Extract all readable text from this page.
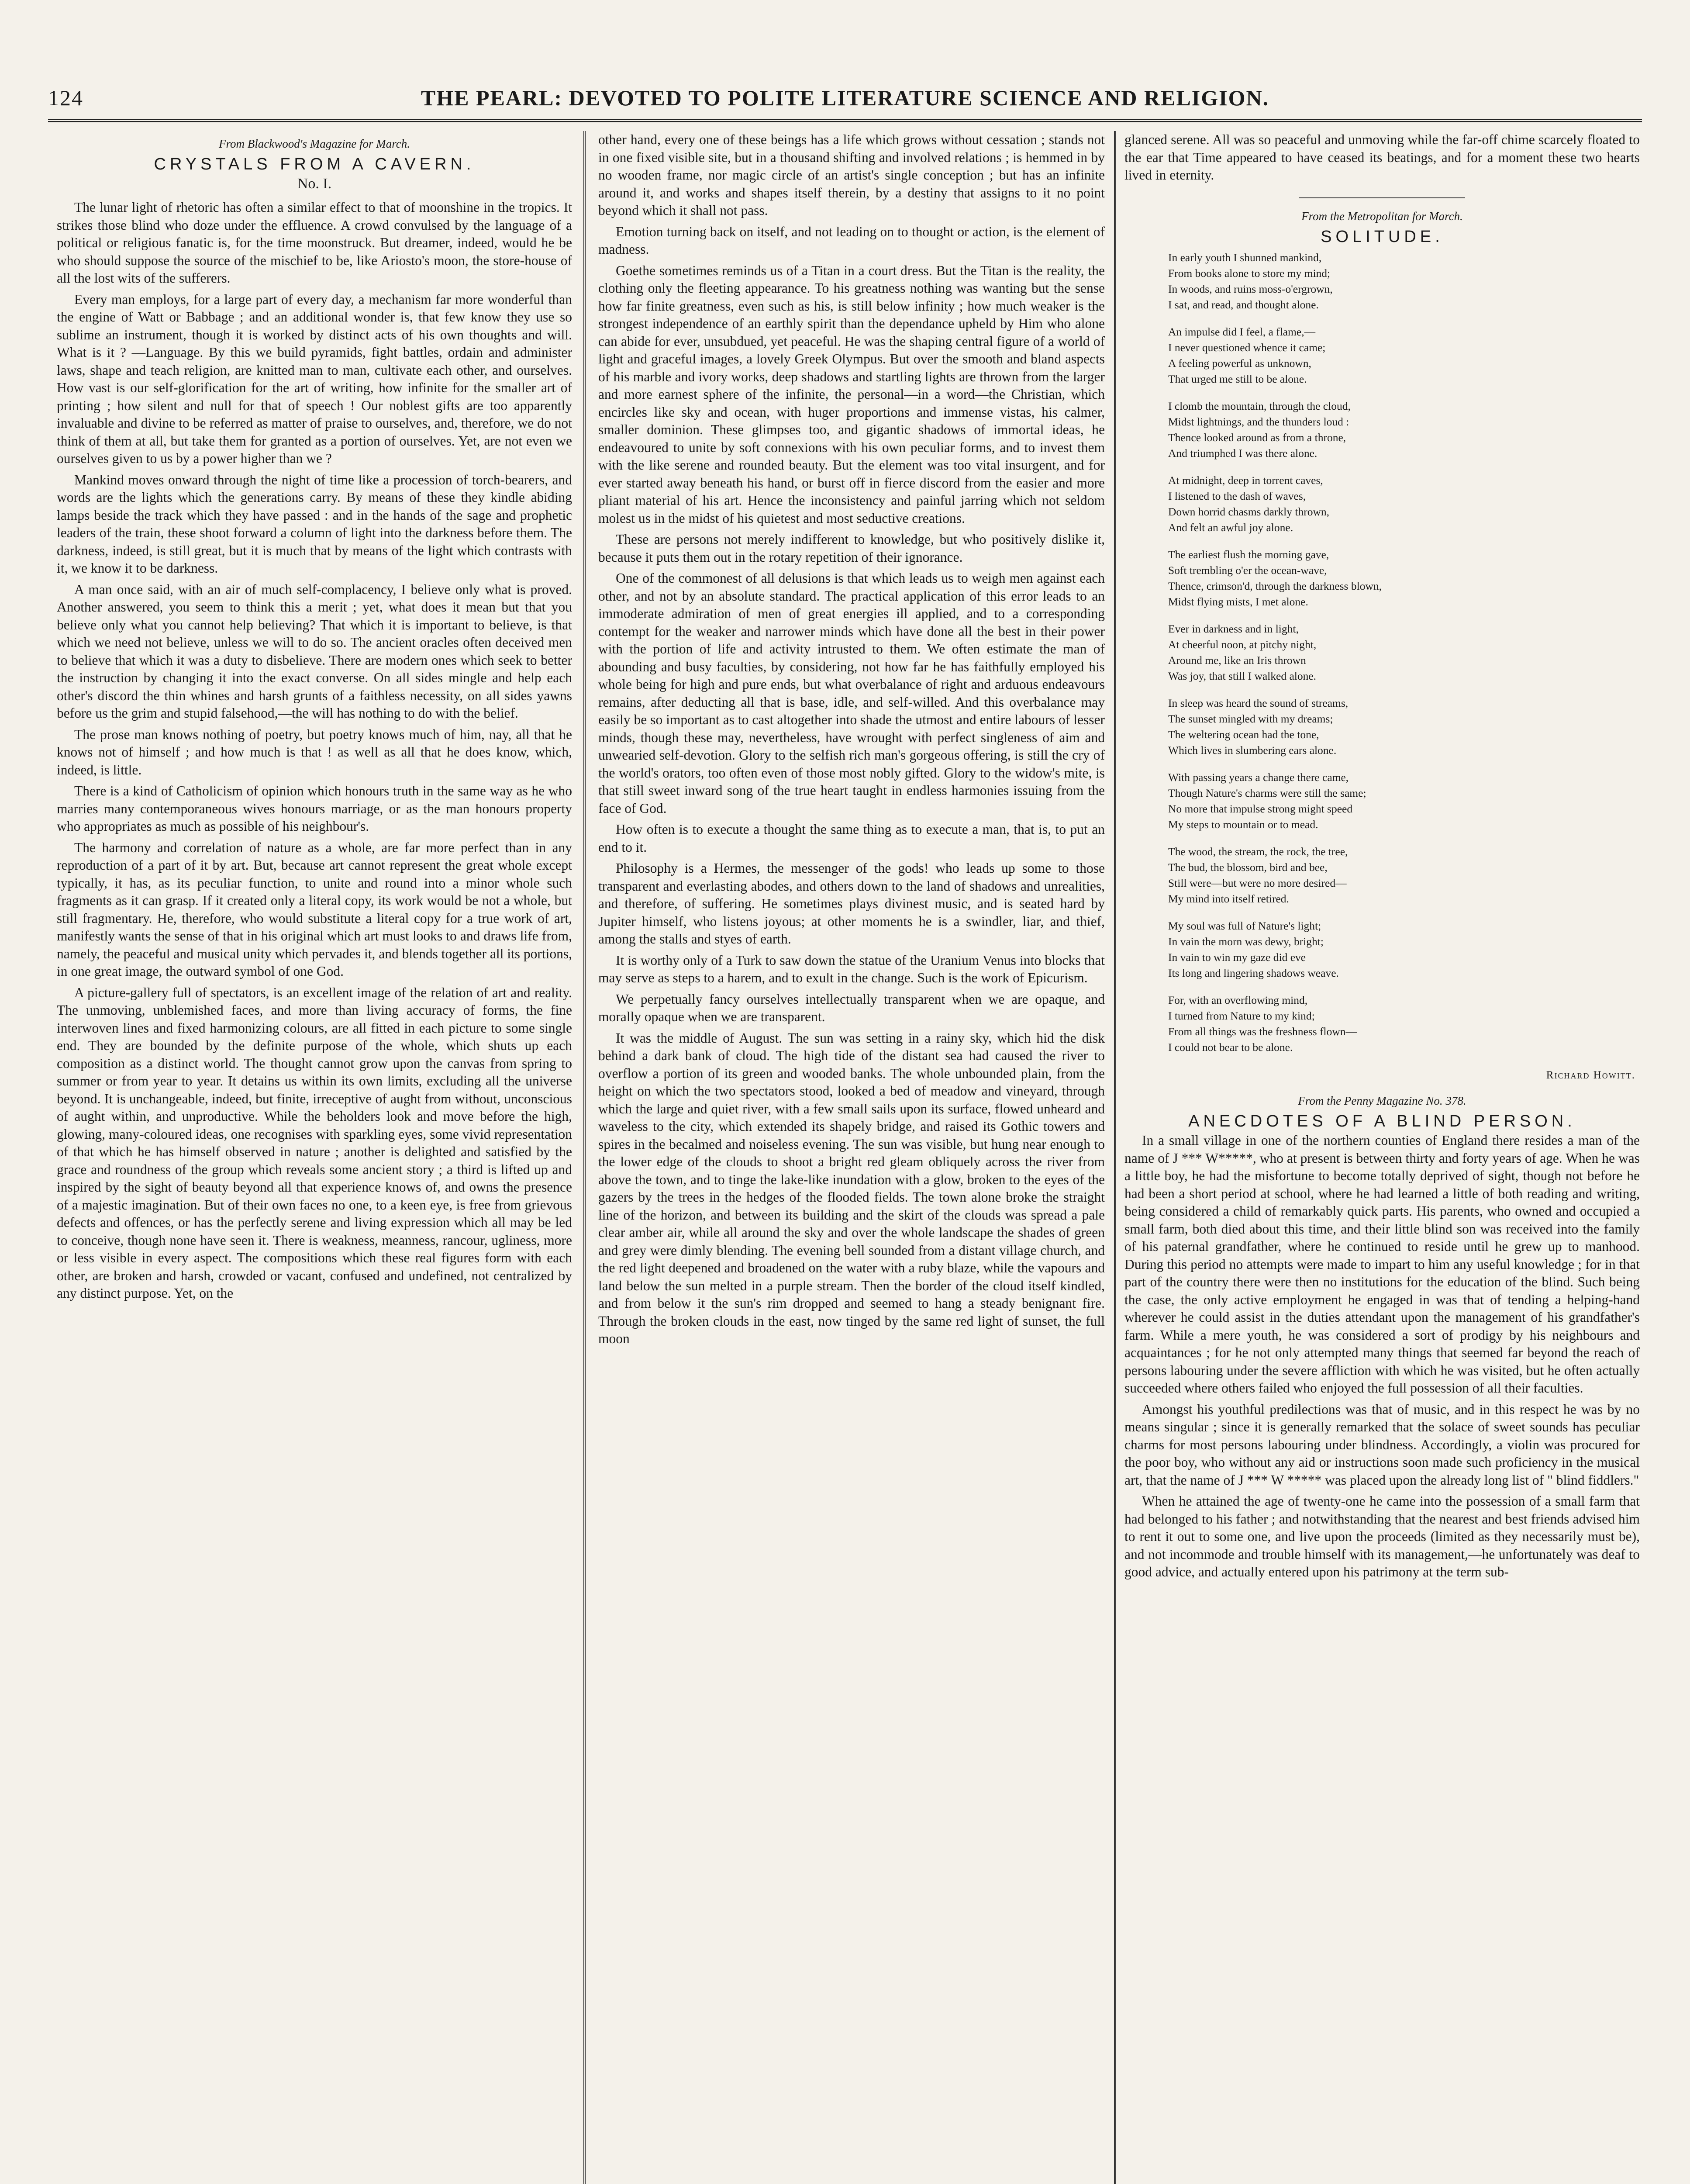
124	THE PEARL: DEVOTED TO POLITE LITERATURE SCIENCE AND RELIGION.

From Blackwood's Magazine for March.

CRYSTALS FROM A CAVERN.

No. I.

The lunar light of rhetoric has often a similar effect to that of moonshine in the tropics. It strikes those blind who doze under the effluence. A crowd convulsed by the language of a political or religious fanatic is, for the time moonstruck. But dreamer, indeed, would he be who should suppose the source of the mischief to be, like Ariosto's moon, the store-house of all the lost wits of the sufferers.

Every man employs, for a large part of every day, a mechanism far more wonderful than the engine of Watt or Babbage ; and an additional wonder is, that few know they use so sublime an instrument, though it is worked by distinct acts of his own thoughts and will. What is it ? —Language. By this we build pyramids, fight battles, ordain and administer laws, shape and teach religion, are knitted man to man, cultivate each other, and ourselves. How vast is our self-glorification for the art of writing, how infinite for the smaller art of printing ; how silent and null for that of speech ! Our noblest gifts are too apparently invaluable and divine to be referred as matter of praise to ourselves, and, therefore, we do not think of them at all, but take them for granted as a portion of ourselves. Yet, are not even we ourselves given to us by a power higher than we ?

Mankind moves onward through the night of time like a procession of torch-bearers, and words are the lights which the generations carry. By means of these they kindle abiding lamps beside the track which they have passed : and in the hands of the sage and prophetic leaders of the train, these shoot forward a column of light into the darkness before them. The darkness, indeed, is still great, but it is much that by means of the light which contrasts with it, we know it to be darkness.

A man once said, with an air of much self-complacency, I believe only what is proved. Another answered, you seem to think this a merit ; yet, what does it mean but that you believe only what you cannot help believing? That which it is important to believe, is that which we need not believe, unless we will to do so. The ancient oracles often deceived men to believe that which it was a duty to disbelieve. There are modern ones which seek to better the instruction by changing it into the exact converse. On all sides mingle and help each other's discord the thin whines and harsh grunts of a faithless necessity, on all sides yawns before us the grim and stupid falsehood,—the will has nothing to do with the belief.

The prose man knows nothing of poetry, but poetry knows much of him, nay, all that he knows not of himself ; and how much is that ! as well as all that he does know, which, indeed, is little.

There is a kind of Catholicism of opinion which honours truth in the same way as he who marries many contemporaneous wives honours marriage, or as the man honours property who appropriates as much as possible of his neighbour's.

The harmony and correlation of nature as a whole, are far more perfect than in any reproduction of a part of it by art. But, because art cannot represent the great whole except typically, it has, as its peculiar function, to unite and round into a minor whole such fragments as it can grasp. If it created only a literal copy, its work would be not a whole, but still fragmentary. He, therefore, who would substitute a literal copy for a true work of art, manifestly wants the sense of that in his original which art must looks to and draws life from, namely, the peaceful and musical unity which pervades it, and blends together all its portions, in one great image, the outward symbol of one God.

A picture-gallery full of spectators, is an excellent image of the relation of art and reality. The unmoving, unblemished faces, and more than living accuracy of forms, the fine interwoven lines and fixed harmonizing colours, are all fitted in each picture to some single end. They are bounded by the definite purpose of the whole, which shuts up each composition as a distinct world. The thought cannot grow upon the canvas from spring to summer or from year to year. It detains us within its own limits, excluding all the universe beyond. It is unchangeable, indeed, but finite, irreceptive of aught from without, unconscious of aught within, and unproductive. While the beholders look and move before the high, glowing, many-coloured ideas, one recognises with sparkling eyes, some vivid representation of that which he has himself observed in nature ; another is delighted and satisfied by the grace and roundness of the group which reveals some ancient story ; a third is lifted up and inspired by the sight of beauty beyond all that experience knows of, and owns the presence of a majestic imagination. But of their own faces no one, to a keen eye, is free from grievous defects and offences, or has the perfectly serene and living expression which all may be led to conceive, though none have seen it. There is weakness, meanness, rancour, ugliness, more or less visible in every aspect. The compositions which these real figures form with each other, are broken and harsh, crowded or vacant, confused and undefined, not centralized by any distinct purpose. Yet, on the

other hand, every one of these beings has a life which grows without cessation ; stands not in one fixed visible site, but in a thousand shifting and involved relations ; is hemmed in by no wooden frame, nor magic circle of an artist's single conception ; but has an infinite around it, and works and shapes itself therein, by a destiny that assigns to it no point beyond which it shall not pass.

Emotion turning back on itself, and not leading on to thought or action, is the element of madness.

Goethe sometimes reminds us of a Titan in a court dress. But the Titan is the reality, the clothing only the fleeting appearance. To his greatness nothing was wanting but the sense how far finite greatness, even such as his, is still below infinity ; how much weaker is the strongest independence of an earthly spirit than the dependance upheld by Him who alone can abide for ever, unsubdued, yet peaceful. He was the shaping central figure of a world of light and graceful images, a lovely Greek Olympus. But over the smooth and bland aspects of his marble and ivory works, deep shadows and startling lights are thrown from the larger and more earnest sphere of the infinite, the personal—in a word—the Christian, which encircles like sky and ocean, with huger proportions and immense vistas, his calmer, smaller dominion. These glimpses too, and gigantic shadows of immortal ideas, he endeavoured to unite by soft connexions with his own peculiar forms, and to invest them with the like serene and rounded beauty. But the element was too vital insurgent, and for ever started away beneath his hand, or burst off in fierce discord from the easier and more pliant material of his art. Hence the inconsistency and painful jarring which not seldom molest us in the midst of his quietest and most seductive creations.

These are persons not merely indifferent to knowledge, but who positively dislike it, because it puts them out in the rotary repetition of their ignorance.

One of the commonest of all delusions is that which leads us to weigh men against each other, and not by an absolute standard. The practical application of this error leads to an immoderate admiration of men of great energies ill applied, and to a corresponding contempt for the weaker and narrower minds which have done all the best in their power with the portion of life and activity intrusted to them. We often estimate the man of abounding and busy faculties, by considering, not how far he has faithfully employed his whole being for high and pure ends, but what overbalance of right and arduous endeavours remains, after deducting all that is base, idle, and self-willed. And this overbalance may easily be so important as to cast altogether into shade the utmost and entire labours of lesser minds, though these may, nevertheless, have wrought with perfect singleness of aim and unwearied self-devotion. Glory to the selfish rich man's gorgeous offering, is still the cry of the world's orators, too often even of those most nobly gifted. Glory to the widow's mite, is that still sweet inward song of the true heart taught in endless harmonies issuing from the face of God.

How often is to execute a thought the same thing as to execute a man, that is, to put an end to it.

Philosophy is a Hermes, the messenger of the gods! who leads up some to those transparent and everlasting abodes, and others down to the land of shadows and unrealities, and therefore, of suffering. He sometimes plays divinest music, and is seated hard by Jupiter himself, who listens joyous; at other moments he is a swindler, liar, and thief, among the stalls and styes of earth.

It is worthy only of a Turk to saw down the statue of the Uranium Venus into blocks that may serve as steps to a harem, and to exult in the change. Such is the work of Epicurism.

We perpetually fancy ourselves intellectually transparent when we are opaque, and morally opaque when we are transparent.

It was the middle of August. The sun was setting in a rainy sky, which hid the disk behind a dark bank of cloud. The high tide of the distant sea had caused the river to overflow a portion of its green and wooded banks. The whole unbounded plain, from the height on which the two spectators stood, looked a bed of meadow and vineyard, through which the large and quiet river, with a few small sails upon its surface, flowed unheard and waveless to the city, which extended its shapely bridge, and raised its Gothic towers and spires in the becalmed and noiseless evening. The sun was visible, but hung near enough to the lower edge of the clouds to shoot a bright red gleam obliquely across the river from above the town, and to tinge the lake-like inundation with a glow, broken to the eyes of the gazers by the trees in the hedges of the flooded fields. The town alone broke the straight line of the horizon, and between its building and the skirt of the clouds was spread a pale clear amber air, while all around the sky and over the whole landscape the shades of green and grey were dimly blending. The evening bell sounded from a distant village church, and the red light deepened and broadened on the water with a ruby blaze, while the vapours and land below the sun melted in a purple stream. Then the border of the cloud itself kindled, and from below it the sun's rim dropped and seemed to hang a steady benignant fire. Through the broken clouds in the east, now tinged by the same red light of sunset, the full moon

glanced serene. All was so peaceful and unmoving while the far-off chime scarcely floated to the ear that Time appeared to have ceased its beatings, and for a moment these two hearts lived in eternity.

From the Metropolitan for March.

SOLITUDE.

In early youth I shunned mankind,
From books alone to store my mind;
In woods, and ruins moss-o'ergrown,
I sat, and read, and thought alone.
An impulse did I feel, a flame,—
I never questioned whence it came;
A feeling powerful as unknown,
That urged me still to be alone.
I clomb the mountain, through the cloud,
Midst lightnings, and the thunders loud :
Thence looked around as from a throne,
And triumphed I was there alone.
At midnight, deep in torrent caves,
I listened to the dash of waves,
Down horrid chasms darkly thrown,
And felt an awful joy alone.
The earliest flush the morning gave,
Soft trembling o'er the ocean-wave,
Thence, crimson'd, through the darkness blown,
Midst flying mists, I met alone.
Ever in darkness and in light,
At cheerful noon, at pitchy night,
Around me, like an Iris thrown
Was joy, that still I walked alone.
In sleep was heard the sound of streams,
The sunset mingled with my dreams;
The weltering ocean had the tone,
Which lives in slumbering ears alone.
With passing years a change there came,
Though Nature's charms were still the same;
No more that impulse strong might speed
My steps to mountain or to mead.
The wood, the stream, the rock, the tree,
The bud, the blossom, bird and bee,
Still were—but were no more desired—
My mind into itself retired.
My soul was full of Nature's light;
In vain the morn was dewy, bright;
In vain to win my gaze did eve
Its long and lingering shadows weave.
For, with an overflowing mind,
I turned from Nature to my kind;
From all things was the freshness flown—
I could not bear to be alone.

Richard Howitt.

From the Penny Magazine No. 378.

ANECDOTES OF A BLIND PERSON.

In a small village in one of the northern counties of England there resides a man of the name of J *** W*****, who at present is between thirty and forty years of age. When he was a little boy, he had the misfortune to become totally deprived of sight, though not before he had been a short period at school, where he had learned a little of both reading and writing, being considered a child of remarkably quick parts. His parents, who owned and occupied a small farm, both died about this time, and their little blind son was received into the family of his paternal grandfather, where he continued to reside until he grew up to manhood. During this period no attempts were made to impart to him any useful knowledge ; for in that part of the country there were then no institutions for the education of the blind. Such being the case, the only active employment he engaged in was that of tending a helping-hand wherever he could assist in the duties attendant upon the management of his grandfather's farm. While a mere youth, he was considered a sort of prodigy by his neighbours and acquaintances ; for he not only attempted many things that seemed far beyond the reach of persons labouring under the severe affliction with which he was visited, but he often actually succeeded where others failed who enjoyed the full possession of all their faculties.

Amongst his youthful predilections was that of music, and in this respect he was by no means singular ; since it is generally remarked that the solace of sweet sounds has peculiar charms for most persons labouring under blindness. Accordingly, a violin was procured for the poor boy, who without any aid or instructions soon made such proficiency in the musical art, that the name of J *** W ***** was placed upon the already long list of " blind fiddlers."

When he attained the age of twenty-one he came into the possession of a small farm that had belonged to his father ; and notwithstanding that the nearest and best friends advised him to rent it out to some one, and live upon the proceeds (limited as they necessarily must be), and not incommode and trouble himself with its management,—he unfortunately was deaf to good advice, and actually entered upon his patrimony at the term sub-
